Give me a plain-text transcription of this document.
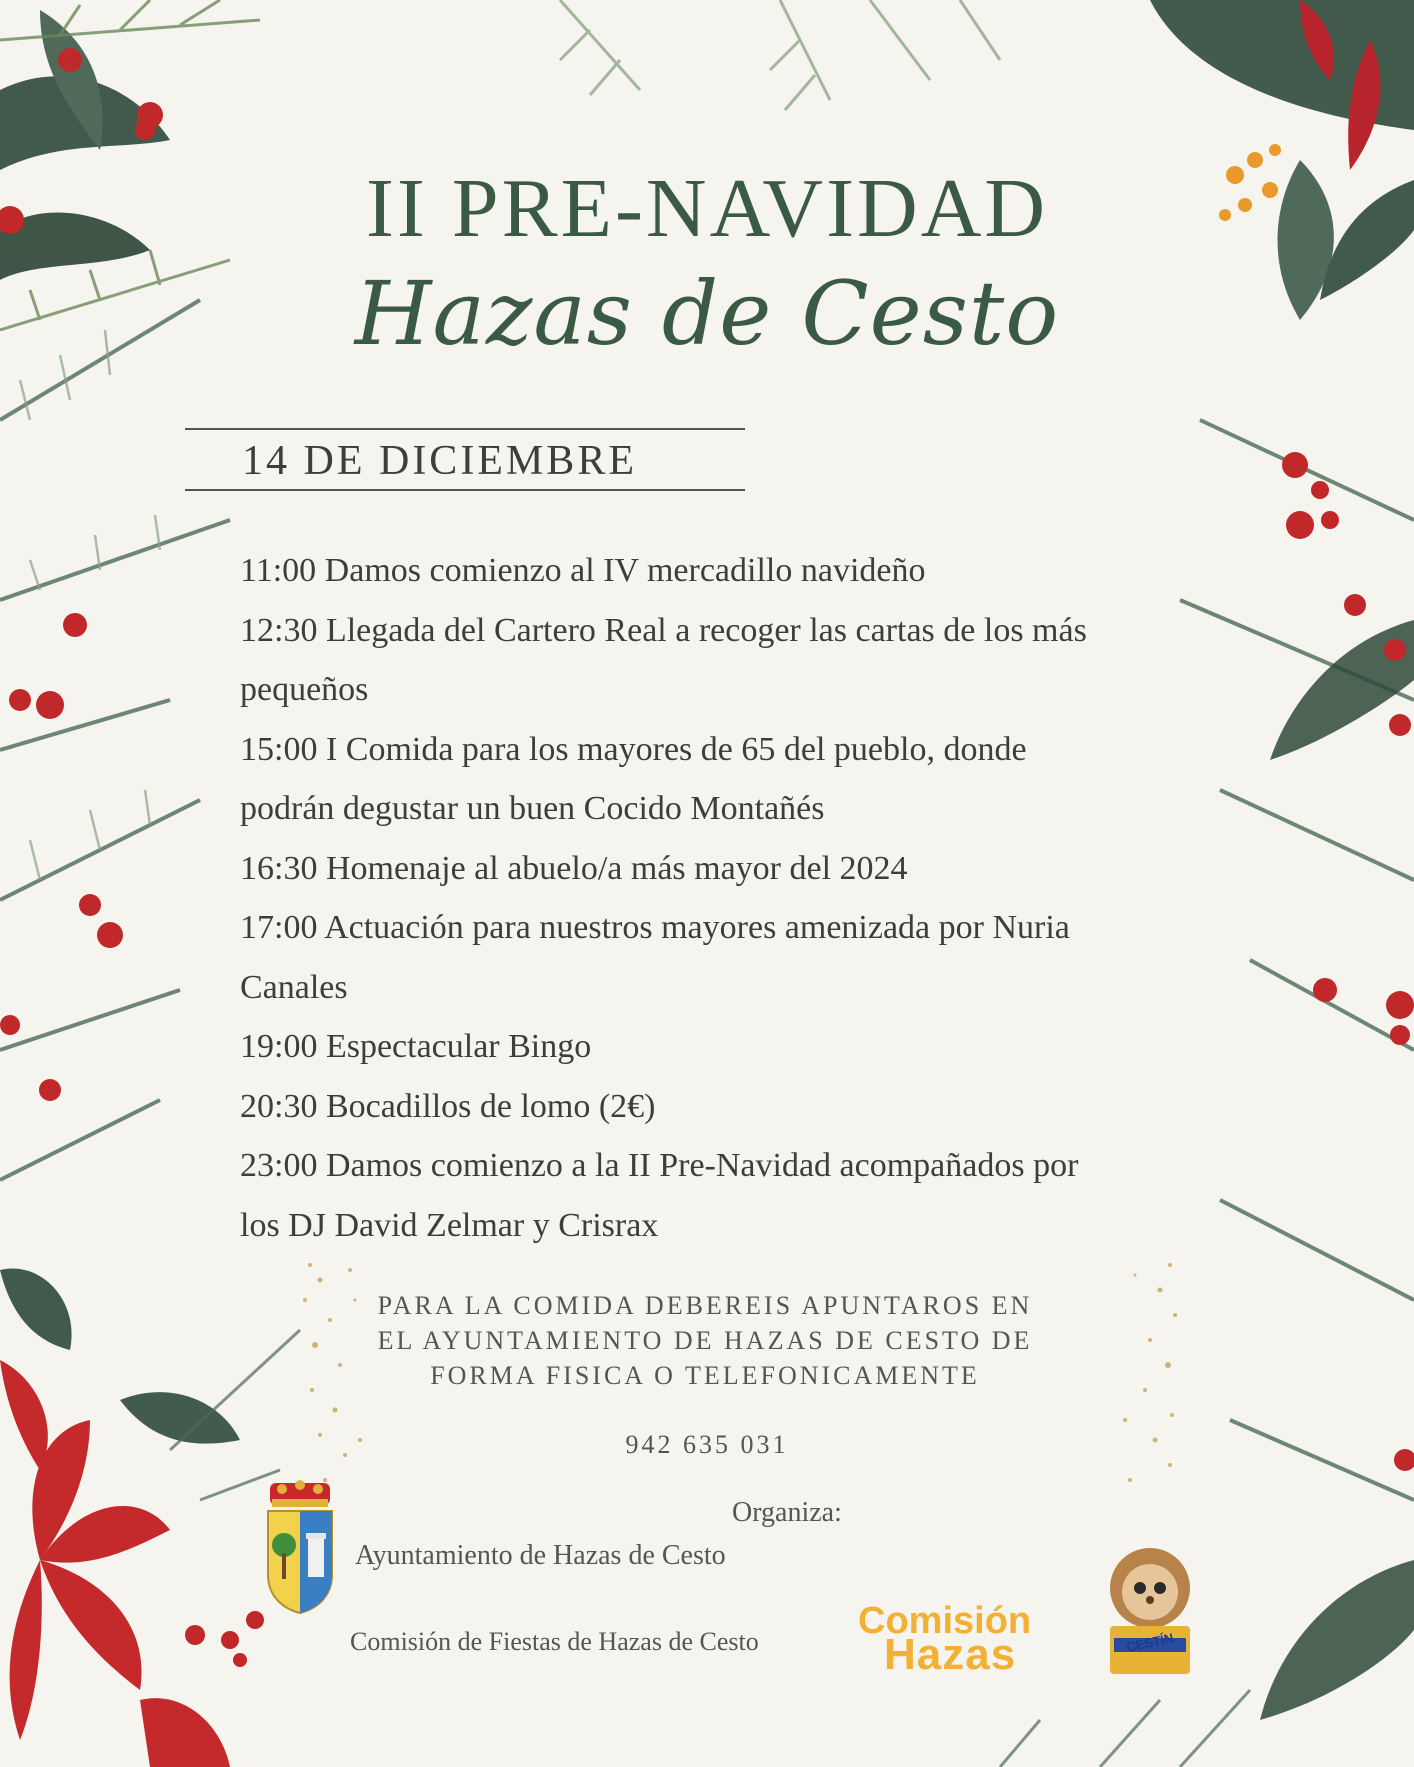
II PRE-NAVIDAD
Hazas de Cesto
14 DE DICIEMBRE

11:00 Damos comienzo al IV mercadillo navideño

12:30 Llegada del Cartero Real a recoger las cartas de los más

pequeños

15:00 I Comida para los mayores de 65 del pueblo, donde

podrán degustar un buen Cocido Montañés

16:30 Homenaje al abuelo/a más mayor del 2024

17:00 Actuación para nuestros mayores amenizada por Nuria

Canales

19:00 Espectacular Bingo

20:30 Bocadillos de lomo (2€)

23:00 Damos comienzo a la II Pre-Navidad acompañados por

los DJ David Zelmar y Crisrax

PARA LA COMIDA DEBEREIS APUNTAROS EN
EL AYUNTAMIENTO DE HAZAS DE CESTO DE
FORMA FISICA O TELEFONICAMENTE
942 635 031
Organiza:
Ayuntamiento de Hazas de Cesto
Comisión de Fiestas de Hazas de Cesto	Comisión
Hazas	CESTÍN
